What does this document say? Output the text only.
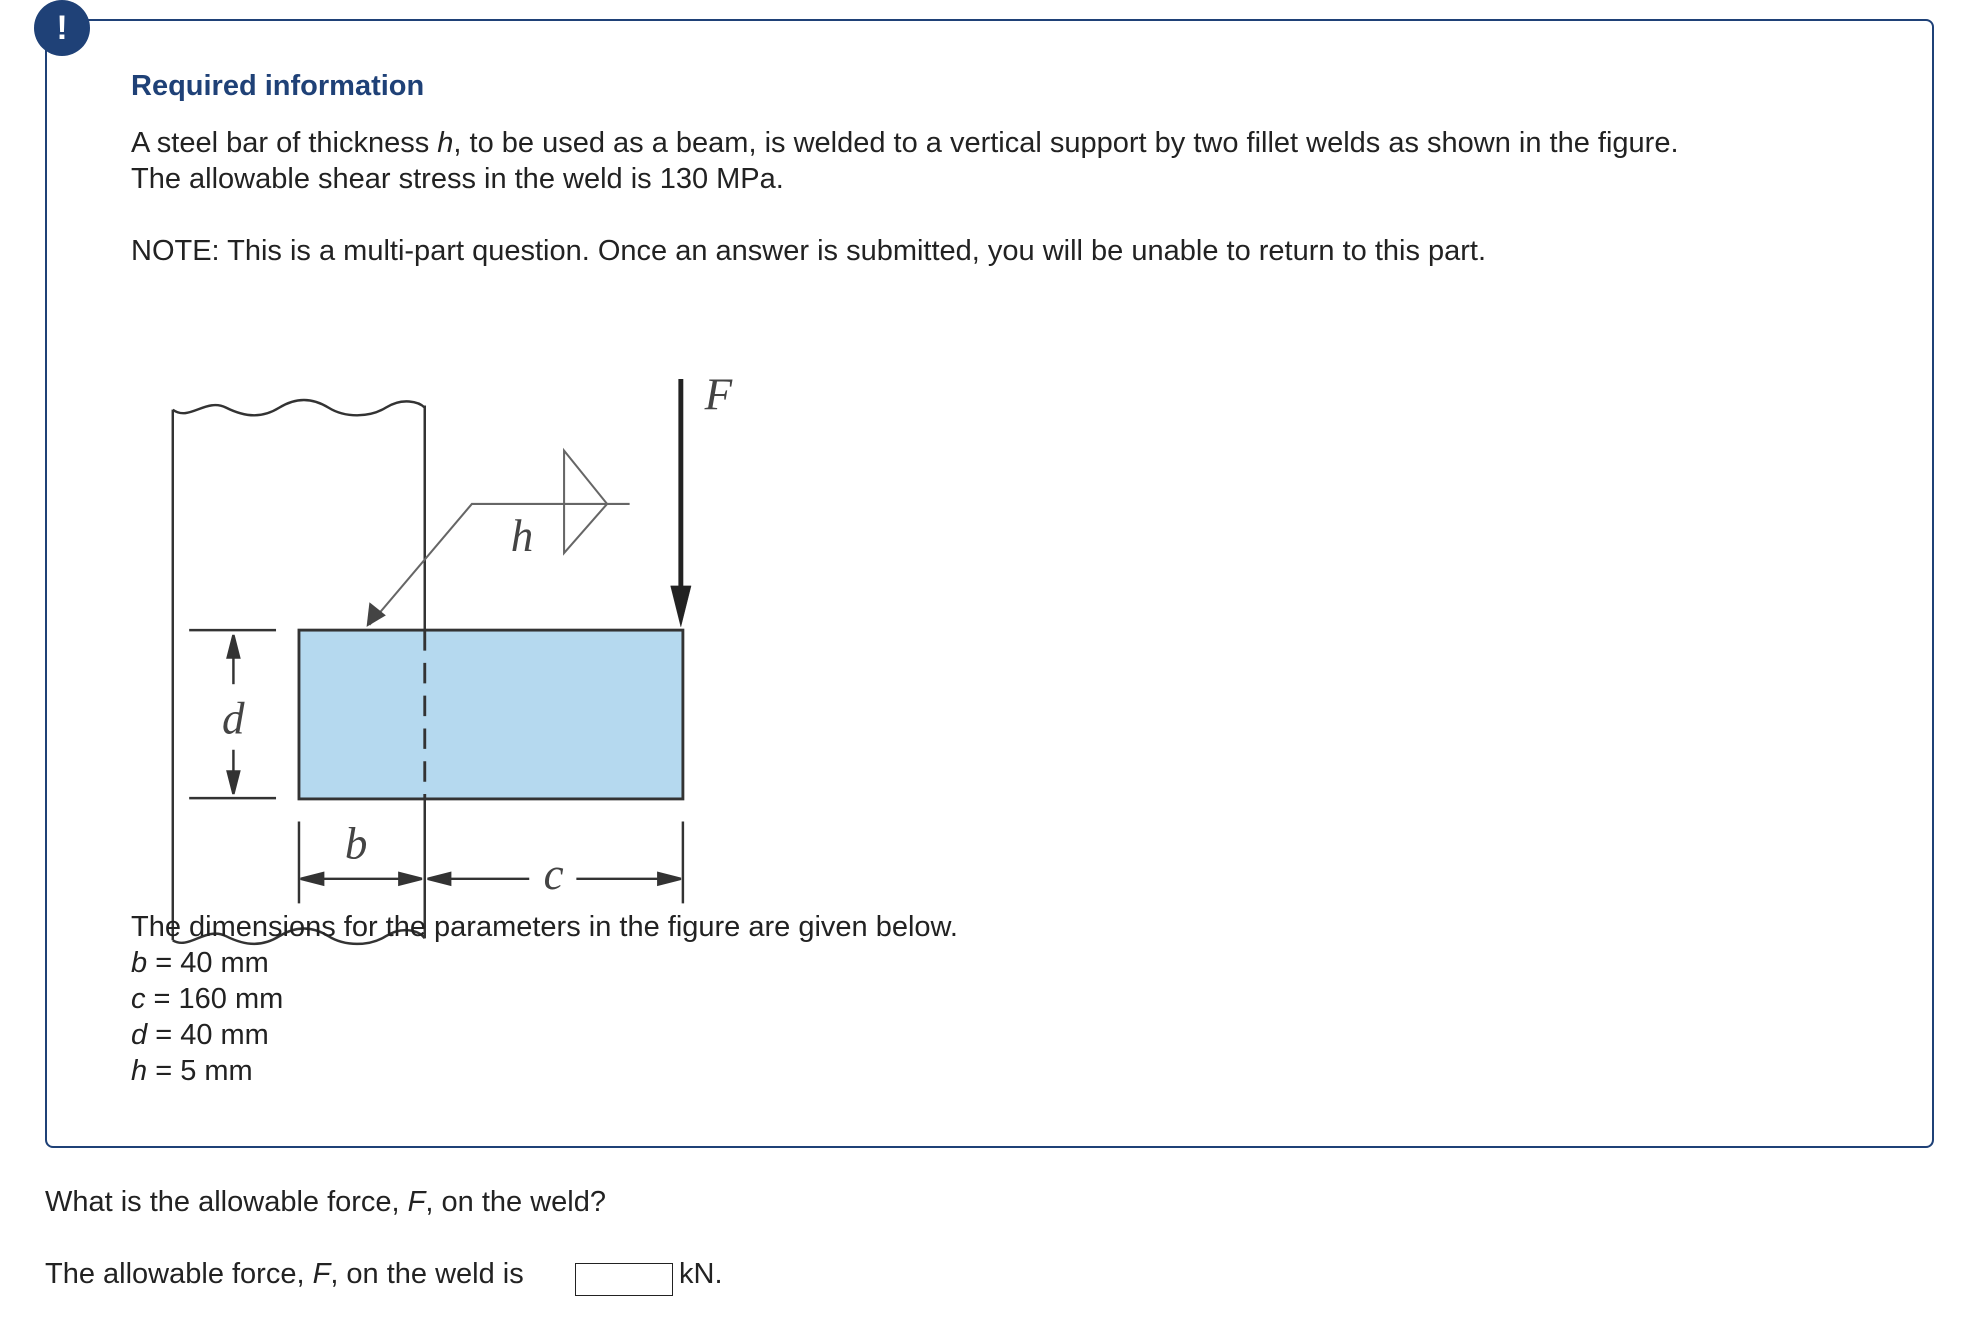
!
Required information
A steel bar of thickness h, to be used as a beam, is welded to a vertical support by two fillet welds as shown in the figure.
The allowable shear stress in the weld is 130 MPa.
NOTE: This is a multi-part question. Once an answer is submitted, you will be unable to return to this part.
F
h
d
b
c
The dimensions for the parameters in the figure are given below.
b = 40 mm
c = 160 mm
d = 40 mm
h = 5 mm
What is the allowable force, F, on the weld?
The allowable force, F, on the weld is	kN.
